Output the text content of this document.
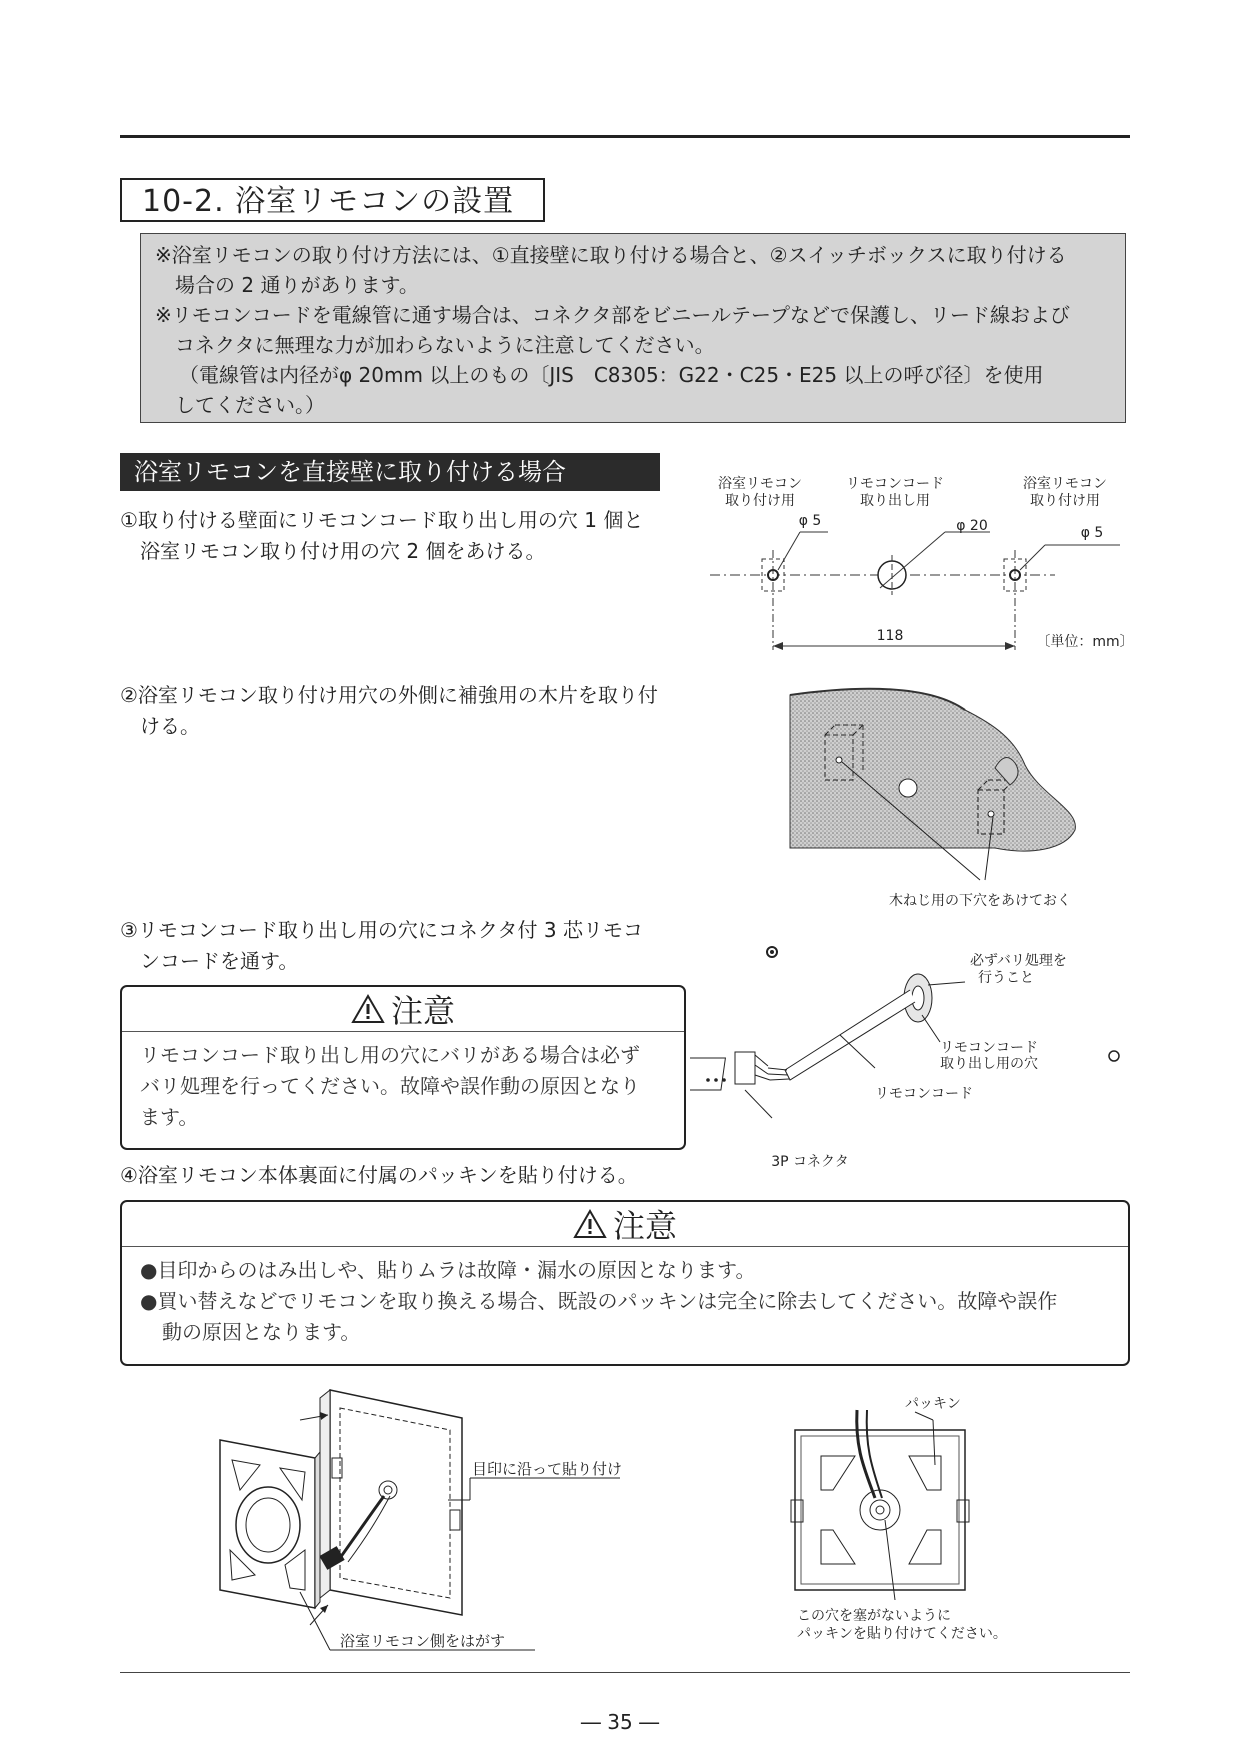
10-2. 浴室リモコンの設置

※浴室リモコンの取り付け方法には、①直接壁に取り付ける場合と、②スイッチボックスに取り付ける

場合の 2 通りがあります。

※リモコンコードを電線管に通す場合は、コネクタ部をビニールテープなどで保護し、リード線および

コネクタに無理な力が加わらないように注意してください。

（電線管は内径がφ 20mm 以上のもの〔JIS　C8305：G22・C25・E25 以上の呼び径〕を使用

してください。）

浴室リモコンを直接壁に取り付ける場合
①取り付ける壁面にリモコンコード取り出し用の穴 1 個と
浴室リモコン取り付け用の穴 2 個をあける。
浴室リモコン
取り付け用
リモコンコード
取り出し用
浴室リモコン
取り付け用
φ 5	φ 20	φ 5
118	〔単位：mm〕
②浴室リモコン取り付け用穴の外側に補強用の木片を取り付
ける。
木ねじ用の下穴をあけておく
③リモコンコード取り出し用の穴にコネクタ付 3 芯リモコ
ンコードを通す。
注意

リモコンコード取り出し用の穴にバリがある場合は必ず

バリ処理を行ってください。故障や誤作動の原因となり

ます。

必ずバリ処理を
行うこと
リモコンコード
取り出し用の穴
リモコンコード
3P コネクタ
④浴室リモコン本体裏面に付属のパッキンを貼り付ける。
注意

●目印からのはみ出しや、貼りムラは故障・漏水の原因となります。

●買い替えなどでリモコンを取り換える場合、既設のパッキンは完全に除去してください。故障や誤作

動の原因となります。

目印に沿って貼り付け
浴室リモコン側をはがす
パッキン
この穴を塞がないように
パッキンを貼り付けてください。
― 35 ―
